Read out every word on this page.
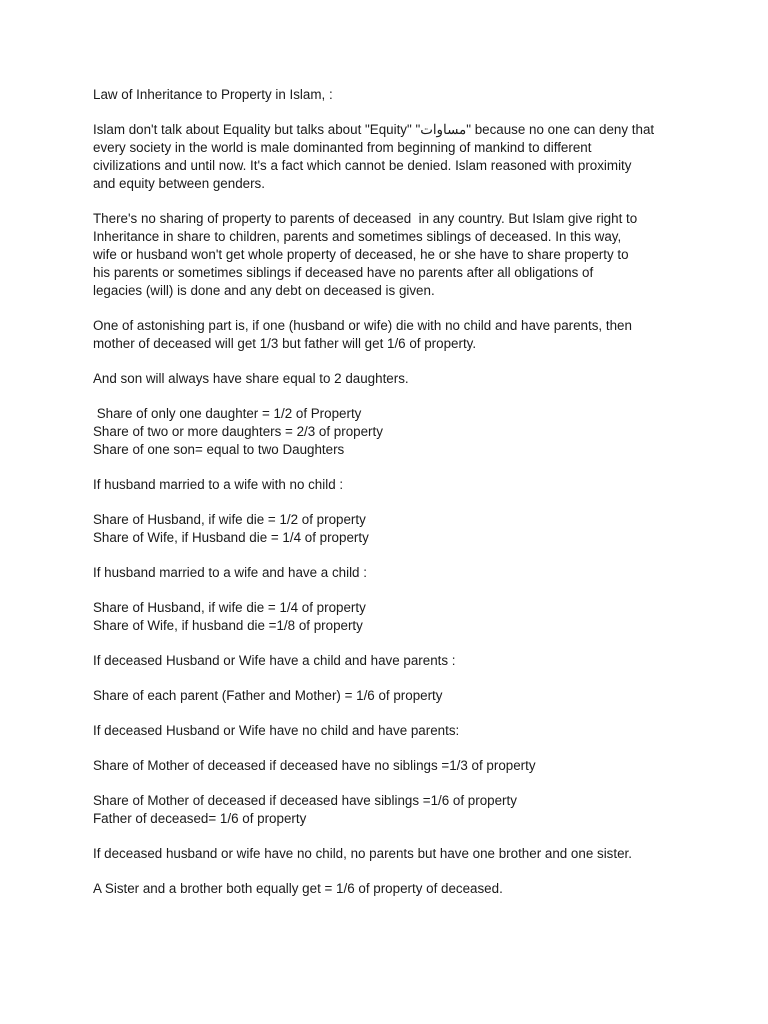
Law of Inheritance to Property in Islam, :

Islam don't talk about Equality but talks about "Equity" "مساوات" because no one can deny that
every society in the world is male dominanted from beginning of mankind to different
civilizations and until now. It's a fact which cannot be denied. Islam reasoned with proximity
and equity between genders.

There's no sharing of property to parents of deceased  in any country. But Islam give right to
Inheritance in share to children, parents and sometimes siblings of deceased. In this way,
wife or husband won't get whole property of deceased, he or she have to share property to
his parents or sometimes siblings if deceased have no parents after all obligations of
legacies (will) is done and any debt on deceased is given.

One of astonishing part is, if one (husband or wife) die with no child and have parents, then
mother of deceased will get 1/3 but father will get 1/6 of property.

And son will always have share equal to 2 daughters.

Share of only one daughter = 1/2 of Property
Share of two or more daughters = 2/3 of property
Share of one son= equal to two Daughters

If husband married to a wife with no child :

Share of Husband, if wife die = 1/2 of property
Share of Wife, if Husband die = 1/4 of property

If husband married to a wife and have a child :

Share of Husband, if wife die = 1/4 of property
Share of Wife, if husband die =1/8 of property

If deceased Husband or Wife have a child and have parents :

Share of each parent (Father and Mother) = 1/6 of property

If deceased Husband or Wife have no child and have parents:

Share of Mother of deceased if deceased have no siblings =1/3 of property

Share of Mother of deceased if deceased have siblings =1/6 of property
Father of deceased= 1/6 of property

If deceased husband or wife have no child, no parents but have one brother and one sister.

A Sister and a brother both equally get = 1/6 of property of deceased.
